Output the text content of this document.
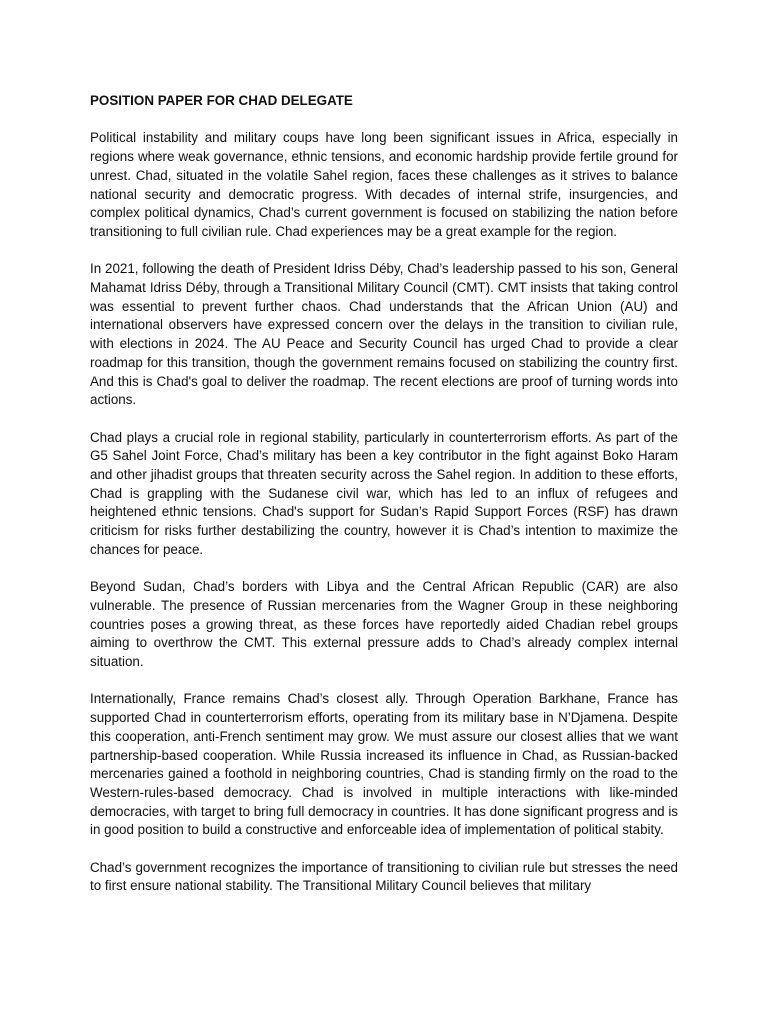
POSITION PAPER FOR CHAD DELEGATE

Political instability and military coups have long been significant issues in Africa, especially in regions where weak governance, ethnic tensions, and economic hardship provide fertile ground for unrest. Chad, situated in the volatile Sahel region, faces these challenges as it strives to balance national security and democratic progress. With decades of internal strife, insurgencies, and complex political dynamics, Chad’s current government is focused on stabilizing the nation before transitioning to full civilian rule. Chad experiences may be a great example for the region.

In 2021, following the death of President Idriss Déby, Chad’s leadership passed to his son, General Mahamat Idriss Déby, through a Transitional Military Council (CMT). CMT insists that taking control was essential to prevent further chaos. Chad understands that the African Union (AU) and international observers have expressed concern over the delays in the transition to civilian rule, with elections in 2024. The AU Peace and Security Council has urged Chad to provide a clear roadmap for this transition, though the government remains focused on stabilizing the country first. And this is Chad's goal to deliver the roadmap. The recent elections are proof of turning words into actions.

Chad plays a crucial role in regional stability, particularly in counterterrorism efforts. As part of the G5 Sahel Joint Force, Chad’s military has been a key contributor in the fight against Boko Haram and other jihadist groups that threaten security across the Sahel region. In addition to these efforts, Chad is grappling with the Sudanese civil war, which has led to an influx of refugees and heightened ethnic tensions. Chad's support for Sudan’s Rapid Support Forces (RSF) has drawn criticism for risks further destabilizing the country, however it is Chad’s intention to maximize the chances for peace.

Beyond Sudan, Chad’s borders with Libya and the Central African Republic (CAR) are also vulnerable. The presence of Russian mercenaries from the Wagner Group in these neighboring countries poses a growing threat, as these forces have reportedly aided Chadian rebel groups aiming to overthrow the CMT. This external pressure adds to Chad’s already complex internal situation.

Internationally, France remains Chad’s closest ally. Through Operation Barkhane, France has supported Chad in counterterrorism efforts, operating from its military base in N’Djamena. Despite this cooperation, anti-French sentiment may grow. We must assure our closest allies that we want partnership-based cooperation. While Russia increased its influence in Chad, as Russian-backed mercenaries gained a foothold in neighboring countries, Chad is standing firmly on the road to the Western-rules-based democracy. Chad is involved in multiple interactions with like-minded democracies, with target to bring full democracy in countries. It has done significant progress and is in good position to build a constructive and enforceable idea of implementation of political stabity.

Chad’s government recognizes the importance of transitioning to civilian rule but stresses the need to first ensure national stability. The Transitional Military Council believes that military
